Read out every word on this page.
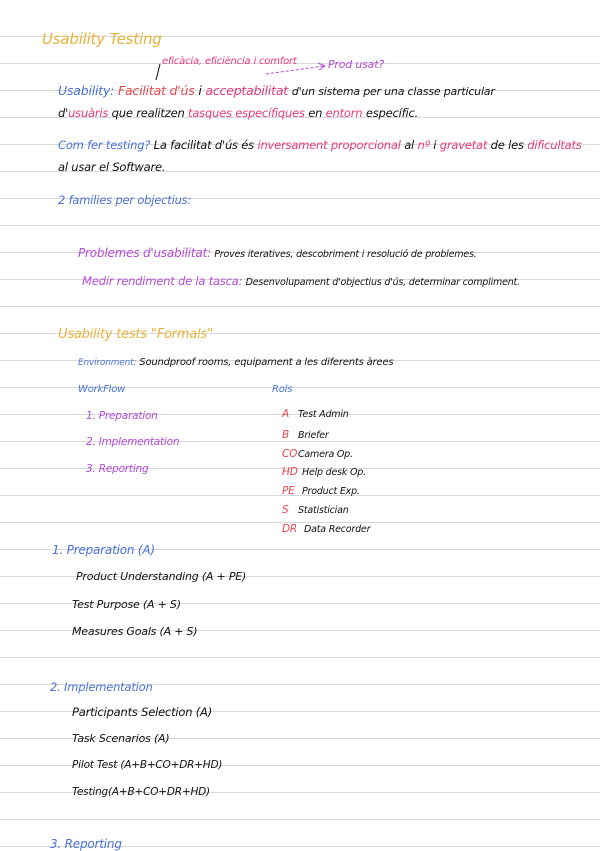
Usability Testing
eficàcia, eficiència i comfort	Prod usat?
Usability: Facilitat d'ús i acceptabilitat d'un sistema per una classe particular
d'usuàris que realitzen tasques específiques en entorn específic.
Com fer testing? La facilitat d'ús és inversament proporcional al nº i gravetat de les dificultats
al usar el Software.
2 families per objectius:
Problemes d'usabilitat: Proves iteratives, descobriment i resolució de problemes.
Medir rendiment de la tasca: Desenvolupament d'objectius d'ús, determinar compliment.
Usability tests "Formals"
Environment: Soundproof rooms, equipament a les diferents àrees
WorkFlow
1. Preparation
2. Implementation
3. Reporting
Rols
A Test Admin
B Briefer
COCamera Op.
HD Help desk Op.
PE Product Exp.
S Statistician
DR Data Recorder
1. Preparation (A)
Product Understanding (A + PE)
Test Purpose (A + S)
Measures Goals (A + S)
2. Implementation
Participants Selection (A)
Task Scenarios (A)
Pilot Test (A+B+CO+DR+HD)
Testing(A+B+CO+DR+HD)
3. Reporting
